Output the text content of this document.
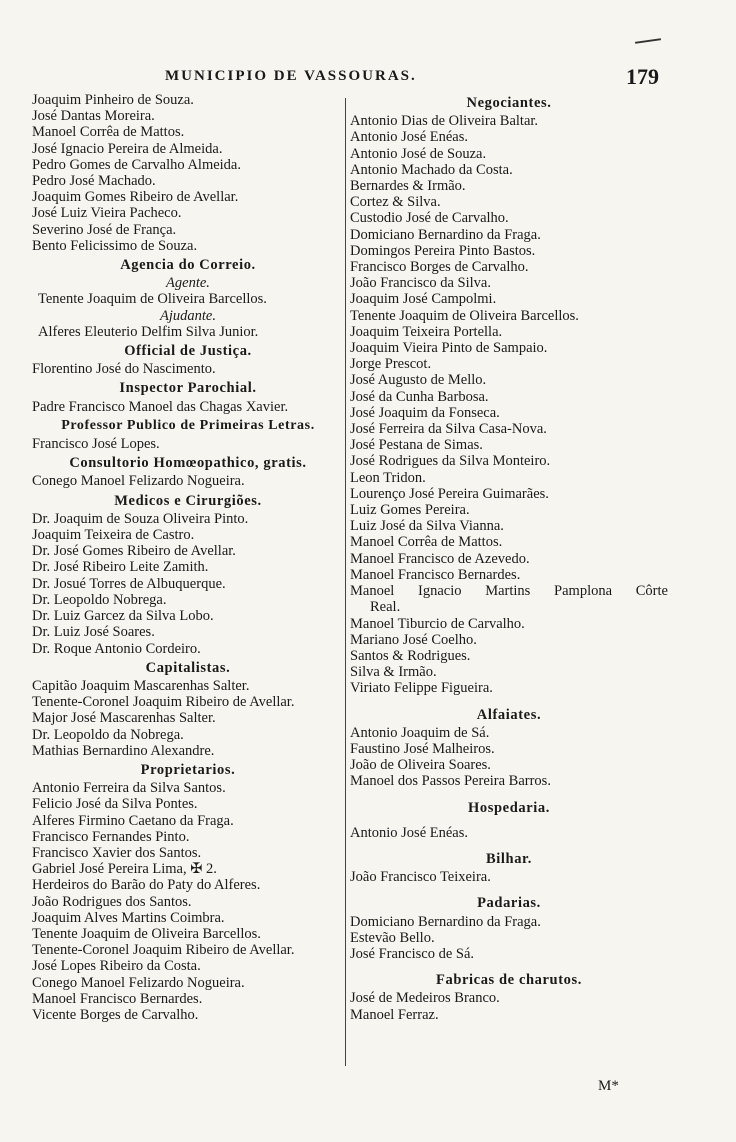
MUNICIPIO DE VASSOURAS.	179
Joaquim Pinheiro de Souza.
José Dantas Moreira.
Manoel Corrêa de Mattos.
José Ignacio Pereira de Almeida.
Pedro Gomes de Carvalho Almeida.
Pedro José Machado.
Joaquim Gomes Ribeiro de Avellar.
José Luiz Vieira Pacheco.
Severino José de França.
Bento Felicissimo de Souza.
Agencia do Correio.
Agente.
Tenente Joaquim de Oliveira Barcellos.
Ajudante.
Alferes Eleuterio Delfim Silva Junior.
Official de Justiça.
Florentino José do Nascimento.
Inspector Parochial.
Padre Francisco Manoel das Chagas Xavier.
Professor Publico de Primeiras Letras.
Francisco José Lopes.
Consultorio Homœopathico, gratis.
Conego Manoel Felizardo Nogueira.
Medicos e Cirurgiões.
Dr. Joaquim de Souza Oliveira Pinto.
Joaquim Teixeira de Castro.
Dr. José Gomes Ribeiro de Avellar.
Dr. José Ribeiro Leite Zamith.
Dr. Josué Torres de Albuquerque.
Dr. Leopoldo Nobrega.
Dr. Luiz Garcez da Silva Lobo.
Dr. Luiz José Soares.
Dr. Roque Antonio Cordeiro.
Capitalistas.
Capitão Joaquim Mascarenhas Salter.
Tenente-Coronel Joaquim Ribeiro de Avellar.
Major José Mascarenhas Salter.
Dr. Leopoldo da Nobrega.
Mathias Bernardino Alexandre.
Proprietarios.
Antonio Ferreira da Silva Santos.
Felicio José da Silva Pontes.
Alferes Firmino Caetano da Fraga.
Francisco Fernandes Pinto.
Francisco Xavier dos Santos.
Gabriel José Pereira Lima, ✠ 2.
Herdeiros do Barão do Paty do Alferes.
João Rodrigues dos Santos.
Joaquim Alves Martins Coimbra.
Tenente Joaquim de Oliveira Barcellos.
Tenente-Coronel Joaquim Ribeiro de Avellar.
José Lopes Ribeiro da Costa.
Conego Manoel Felizardo Nogueira.
Manoel Francisco Bernardes.
Vicente Borges de Carvalho.
Negociantes.
Antonio Dias de Oliveira Baltar.
Antonio José Enéas.
Antonio José de Souza.
Antonio Machado da Costa.
Bernardes & Irmão.
Cortez & Silva.
Custodio José de Carvalho.
Domiciano Bernardino da Fraga.
Domingos Pereira Pinto Bastos.
Francisco Borges de Carvalho.
João Francisco da Silva.
Joaquim José Campolmi.
Tenente Joaquim de Oliveira Barcellos.
Joaquim Teixeira Portella.
Joaquim Vieira Pinto de Sampaio.
Jorge Prescot.
José Augusto de Mello.
José da Cunha Barbosa.
José Joaquim da Fonseca.
José Ferreira da Silva Casa-Nova.
José Pestana de Simas.
José Rodrigues da Silva Monteiro.
Leon Tridon.
Lourenço José Pereira Guimarães.
Luiz Gomes Pereira.
Luiz José da Silva Vianna.
Manoel Corrêa de Mattos.
Manoel Francisco de Azevedo.
Manoel Francisco Bernardes.
Manoel Ignacio Martins Pamplona Côrte
Real.
Manoel Tiburcio de Carvalho.
Mariano José Coelho.
Santos & Rodrigues.
Silva & Irmão.
Viriato Felippe Figueira.
Alfaiates.
Antonio Joaquim de Sá.
Faustino José Malheiros.
João de Oliveira Soares.
Manoel dos Passos Pereira Barros.
Hospedaria.
Antonio José Enéas.
Bilhar.
João Francisco Teixeira.
Padarias.
Domiciano Bernardino da Fraga.
Estevão Bello.
José Francisco de Sá.
Fabricas de charutos.
José de Medeiros Branco.
Manoel Ferraz.
M*
